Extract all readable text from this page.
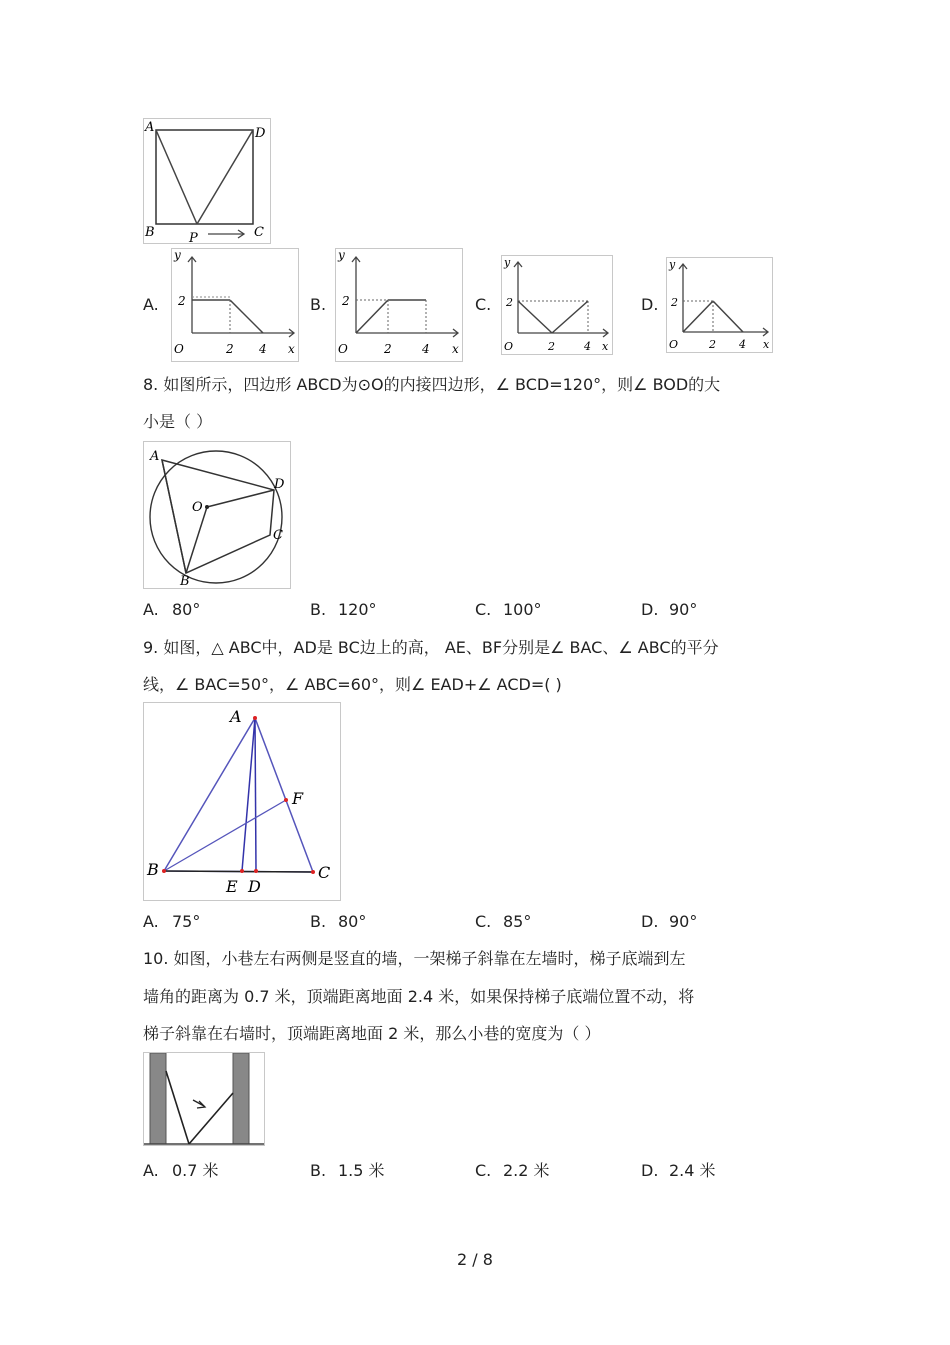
A	D
B	C
P
A.
y
2
O	2 4 x
B.
y
2
O	2	4 x
C.
y
2
O	2	4 x
D.
y
2
O	2 4 x
8. 如图所示，四边形 ABCD为⊙O的内接四边形，∠ BCD=120°，则∠ BOD的大
小是（ ）
A
D
C
B
O
A. 80°	B. 120°	C. 100°	D. 90°
9. 如图，△ ABC中，AD是 BC边上的高， AE、BF分别是∠ BAC、∠ ABC的平分
线，∠ BAC=50°，∠ ABC=60°，则∠ EAD+∠ ACD=( )
A
B	C
E D
F
A. 75°	B. 80°	C. 85°	D. 90°
10. 如图，小巷左右两侧是竖直的墙，一架梯子斜靠在左墙时，梯子底端到左
墙角的距离为 0.7 米，顶端距离地面 2.4 米，如果保持梯子底端位置不动，将
梯子斜靠在右墙时，顶端距离地面 2 米，那么小巷的宽度为（ ）
A. 0.7 米	B. 1.5 米	C. 2.2 米	D. 2.4 米
2 / 8
